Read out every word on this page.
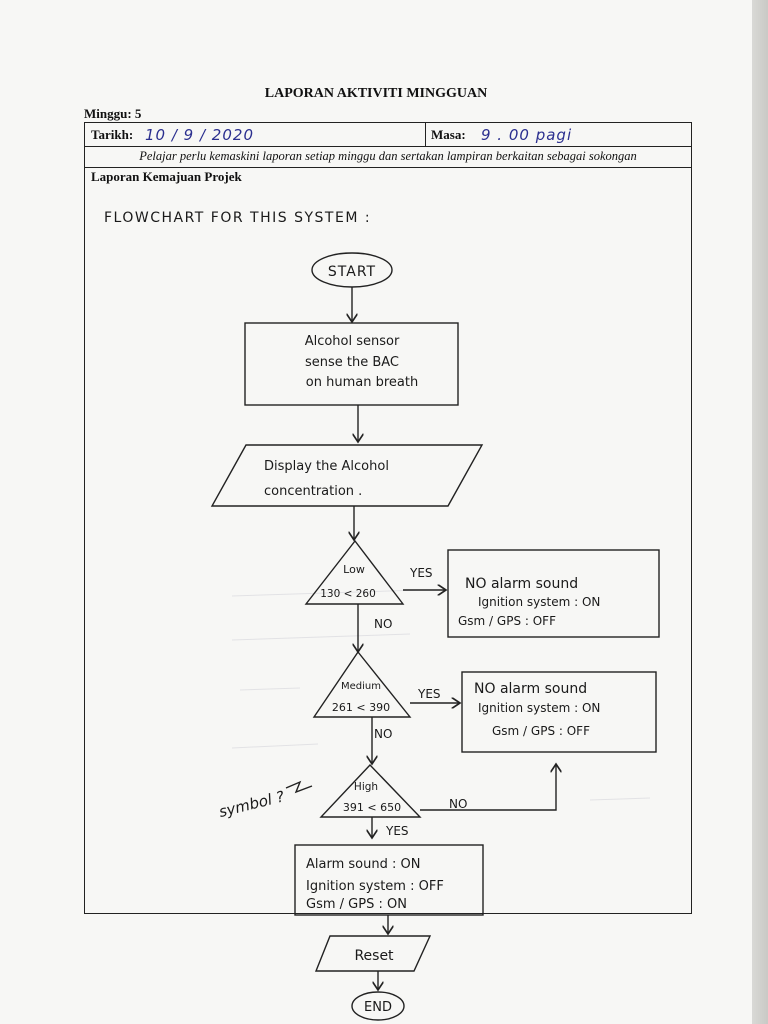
LAPORAN AKTIVITI MINGGUAN
Minggu: 5
Tarikh: 10 / 9 / 2020	Masa: 9 . 00 pagi
Pelajar perlu kemaskini laporan setiap minggu dan sertakan lampiran berkaitan sebagai sokongan
Laporan Kemajuan Projek
FLOWCHART FOR THIS SYSTEM :
START
Alcohol sensor
sense the BAC
on human breath
Display the Alcohol
concentration .
Low
130 < 260
YES
NO
NO alarm sound
Ignition system : ON
Gsm / GPS : OFF
Medium
261 < 390
YES
NO
NO alarm sound
Ignition system : ON
Gsm / GPS : OFF
High
391 < 650	NO
YES
symbol ?
Alarm sound : ON
Ignition system : OFF
Gsm / GPS : ON
Reset
END
